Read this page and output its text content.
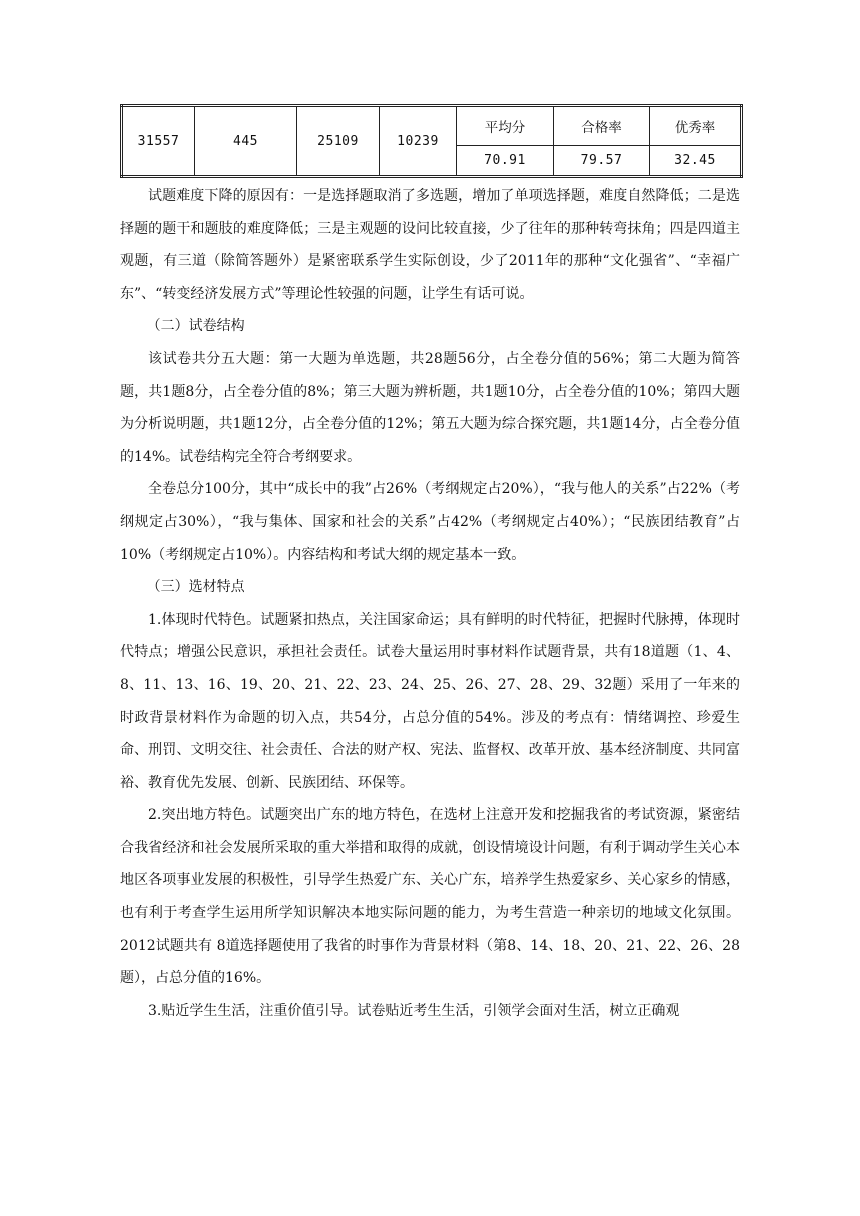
31557	445	25109	10239	平均分	合格率	优秀率
				70.91	79.57	32.45

试题难度下降的原因有：一是选择题取消了多选题，增加了单项选择题，难度自然降低；二是选择题的题干和题肢的难度降低；三是主观题的设问比较直接，少了往年的那种转弯抹角；四是四道主观题，有三道（除简答题外）是紧密联系学生实际创设，少了2011年的那种“文化强省”、“幸福广东”、“转变经济发展方式”等理论性较强的问题，让学生有话可说。

（二）试卷结构

该试卷共分五大题：第一大题为单选题，共28题56分，占全卷分值的56%；第二大题为简答题，共1题8分，占全卷分值的8%；第三大题为辨析题，共1题10分，占全卷分值的10%；第四大题为分析说明题，共1题12分，占全卷分值的12%；第五大题为综合探究题，共1题14分，占全卷分值的14%。试卷结构完全符合考纲要求。

全卷总分100分，其中“成长中的我”占26%（考纲规定占20%），“我与他人的关系”占22%（考纲规定占30%），“我与集体、国家和社会的关系”占42%（考纲规定占40%）；“民族团结教育”占10%（考纲规定占10%）。内容结构和考试大纲的规定基本一致。

（三）选材特点

1.体现时代特色。试题紧扣热点，关注国家命运；具有鲜明的时代特征，把握时代脉搏，体现时代特点；增强公民意识，承担社会责任。试卷大量运用时事材料作试题背景，共有18道题（1、4、8、11、13、16、19、20、21、22、23、24、25、26、27、28、29、32题）采用了一年来的时政背景材料作为命题的切入点，共54分，占总分值的54%。涉及的考点有：情绪调控、珍爱生命、刑罚、文明交往、社会责任、合法的财产权、宪法、监督权、改革开放、基本经济制度、共同富裕、教育优先发展、创新、民族团结、环保等。

2.突出地方特色。试题突出广东的地方特色，在选材上注意开发和挖掘我省的考试资源，紧密结合我省经济和社会发展所采取的重大举措和取得的成就，创设情境设计问题，有利于调动学生关心本地区各项事业发展的积极性，引导学生热爱广东、关心广东，培养学生热爱家乡、关心家乡的情感，也有利于考查学生运用所学知识解决本地实际问题的能力，为考生营造一种亲切的地域文化氛围。2012试题共有 8道选择题使用了我省的时事作为背景材料（第8、14、18、20、21、22、26、28题），占总分值的16%。

3.贴近学生生活，注重价值引导。试卷贴近考生生活，引领学会面对生活，树立正确观
